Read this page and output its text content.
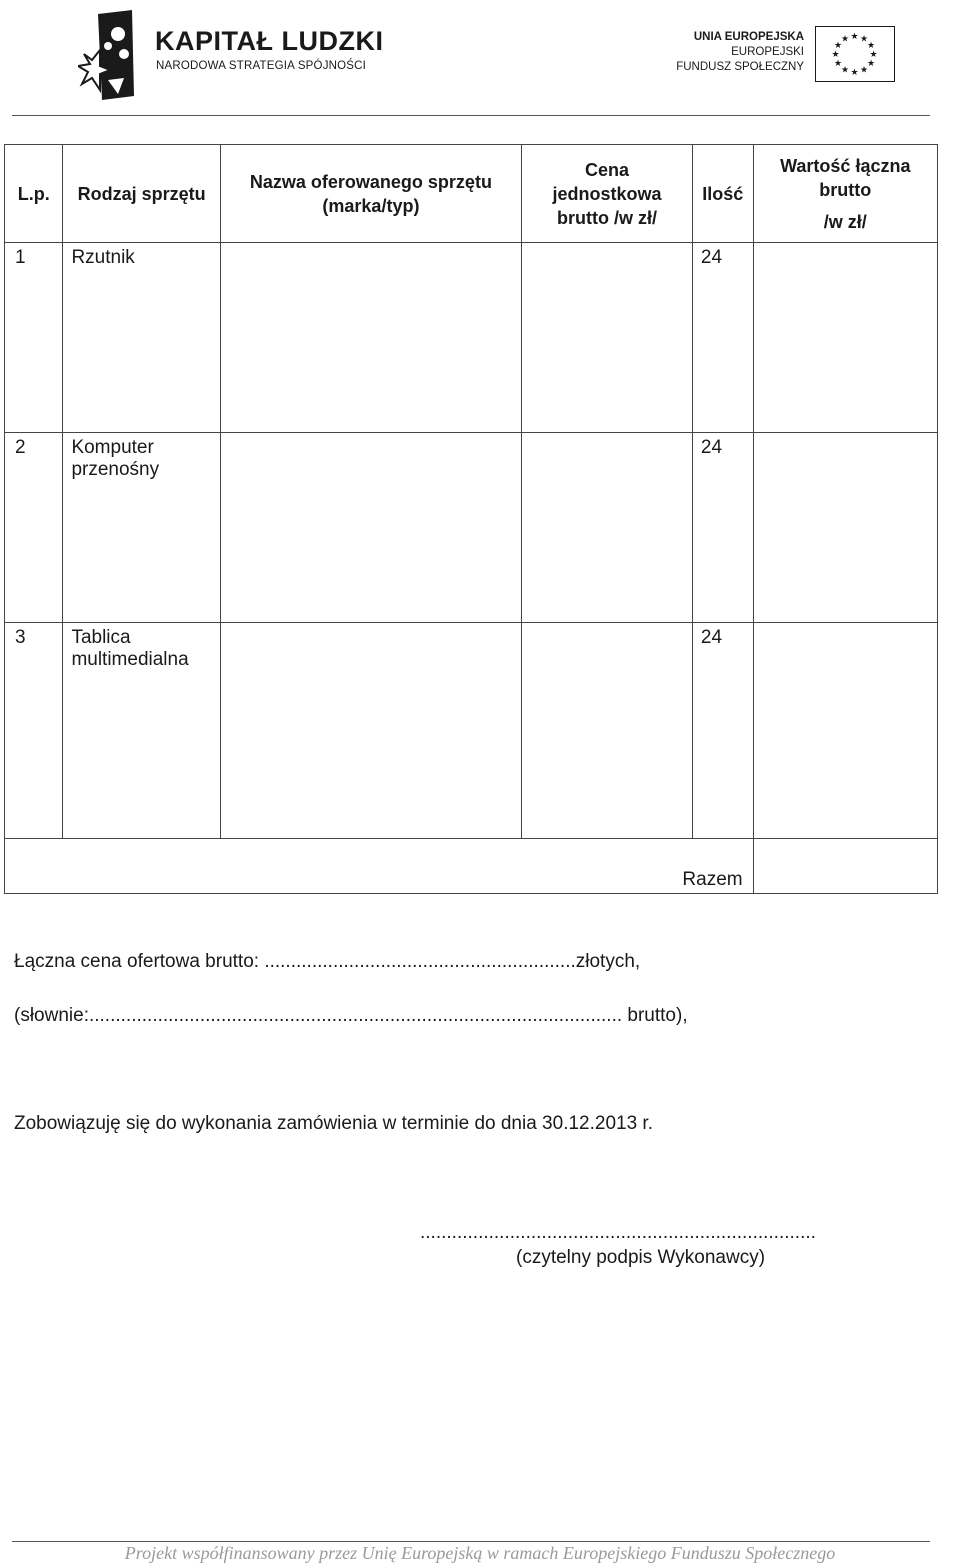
KAPITAŁ LUDZKI
NARODOWA STRATEGIA SPÓJNOŚCI
UNIA EUROPEJSKA
EUROPEJSKI
FUNDUSZ SPOŁECZNY
★ ★
★
★
★
★
★
★
★
★
★
★
L.p.	Rodzaj sprzętu	Nazwa oferowanego sprzętu (marka/typ)	Cena jednostkowa brutto /w zł/	Ilość	Wartość łączna brutto
/w zł/

1	Rzutnik			24	
2	Komputer przenośny			24	
3	Tablica multimedialna			24	
Razem					
Łączna cena ofertowa brutto: ...........................................................złotych,
(słownie:..................................................................................................... brutto),
Zobowiązuję się do wykonania zamówienia w terminie do dnia 30.12.2013 r.
...........................................................................
(czytelny podpis Wykonawcy)
Projekt współfinansowany przez Unię Europejską w ramach Europejskiego Funduszu Społecznego
